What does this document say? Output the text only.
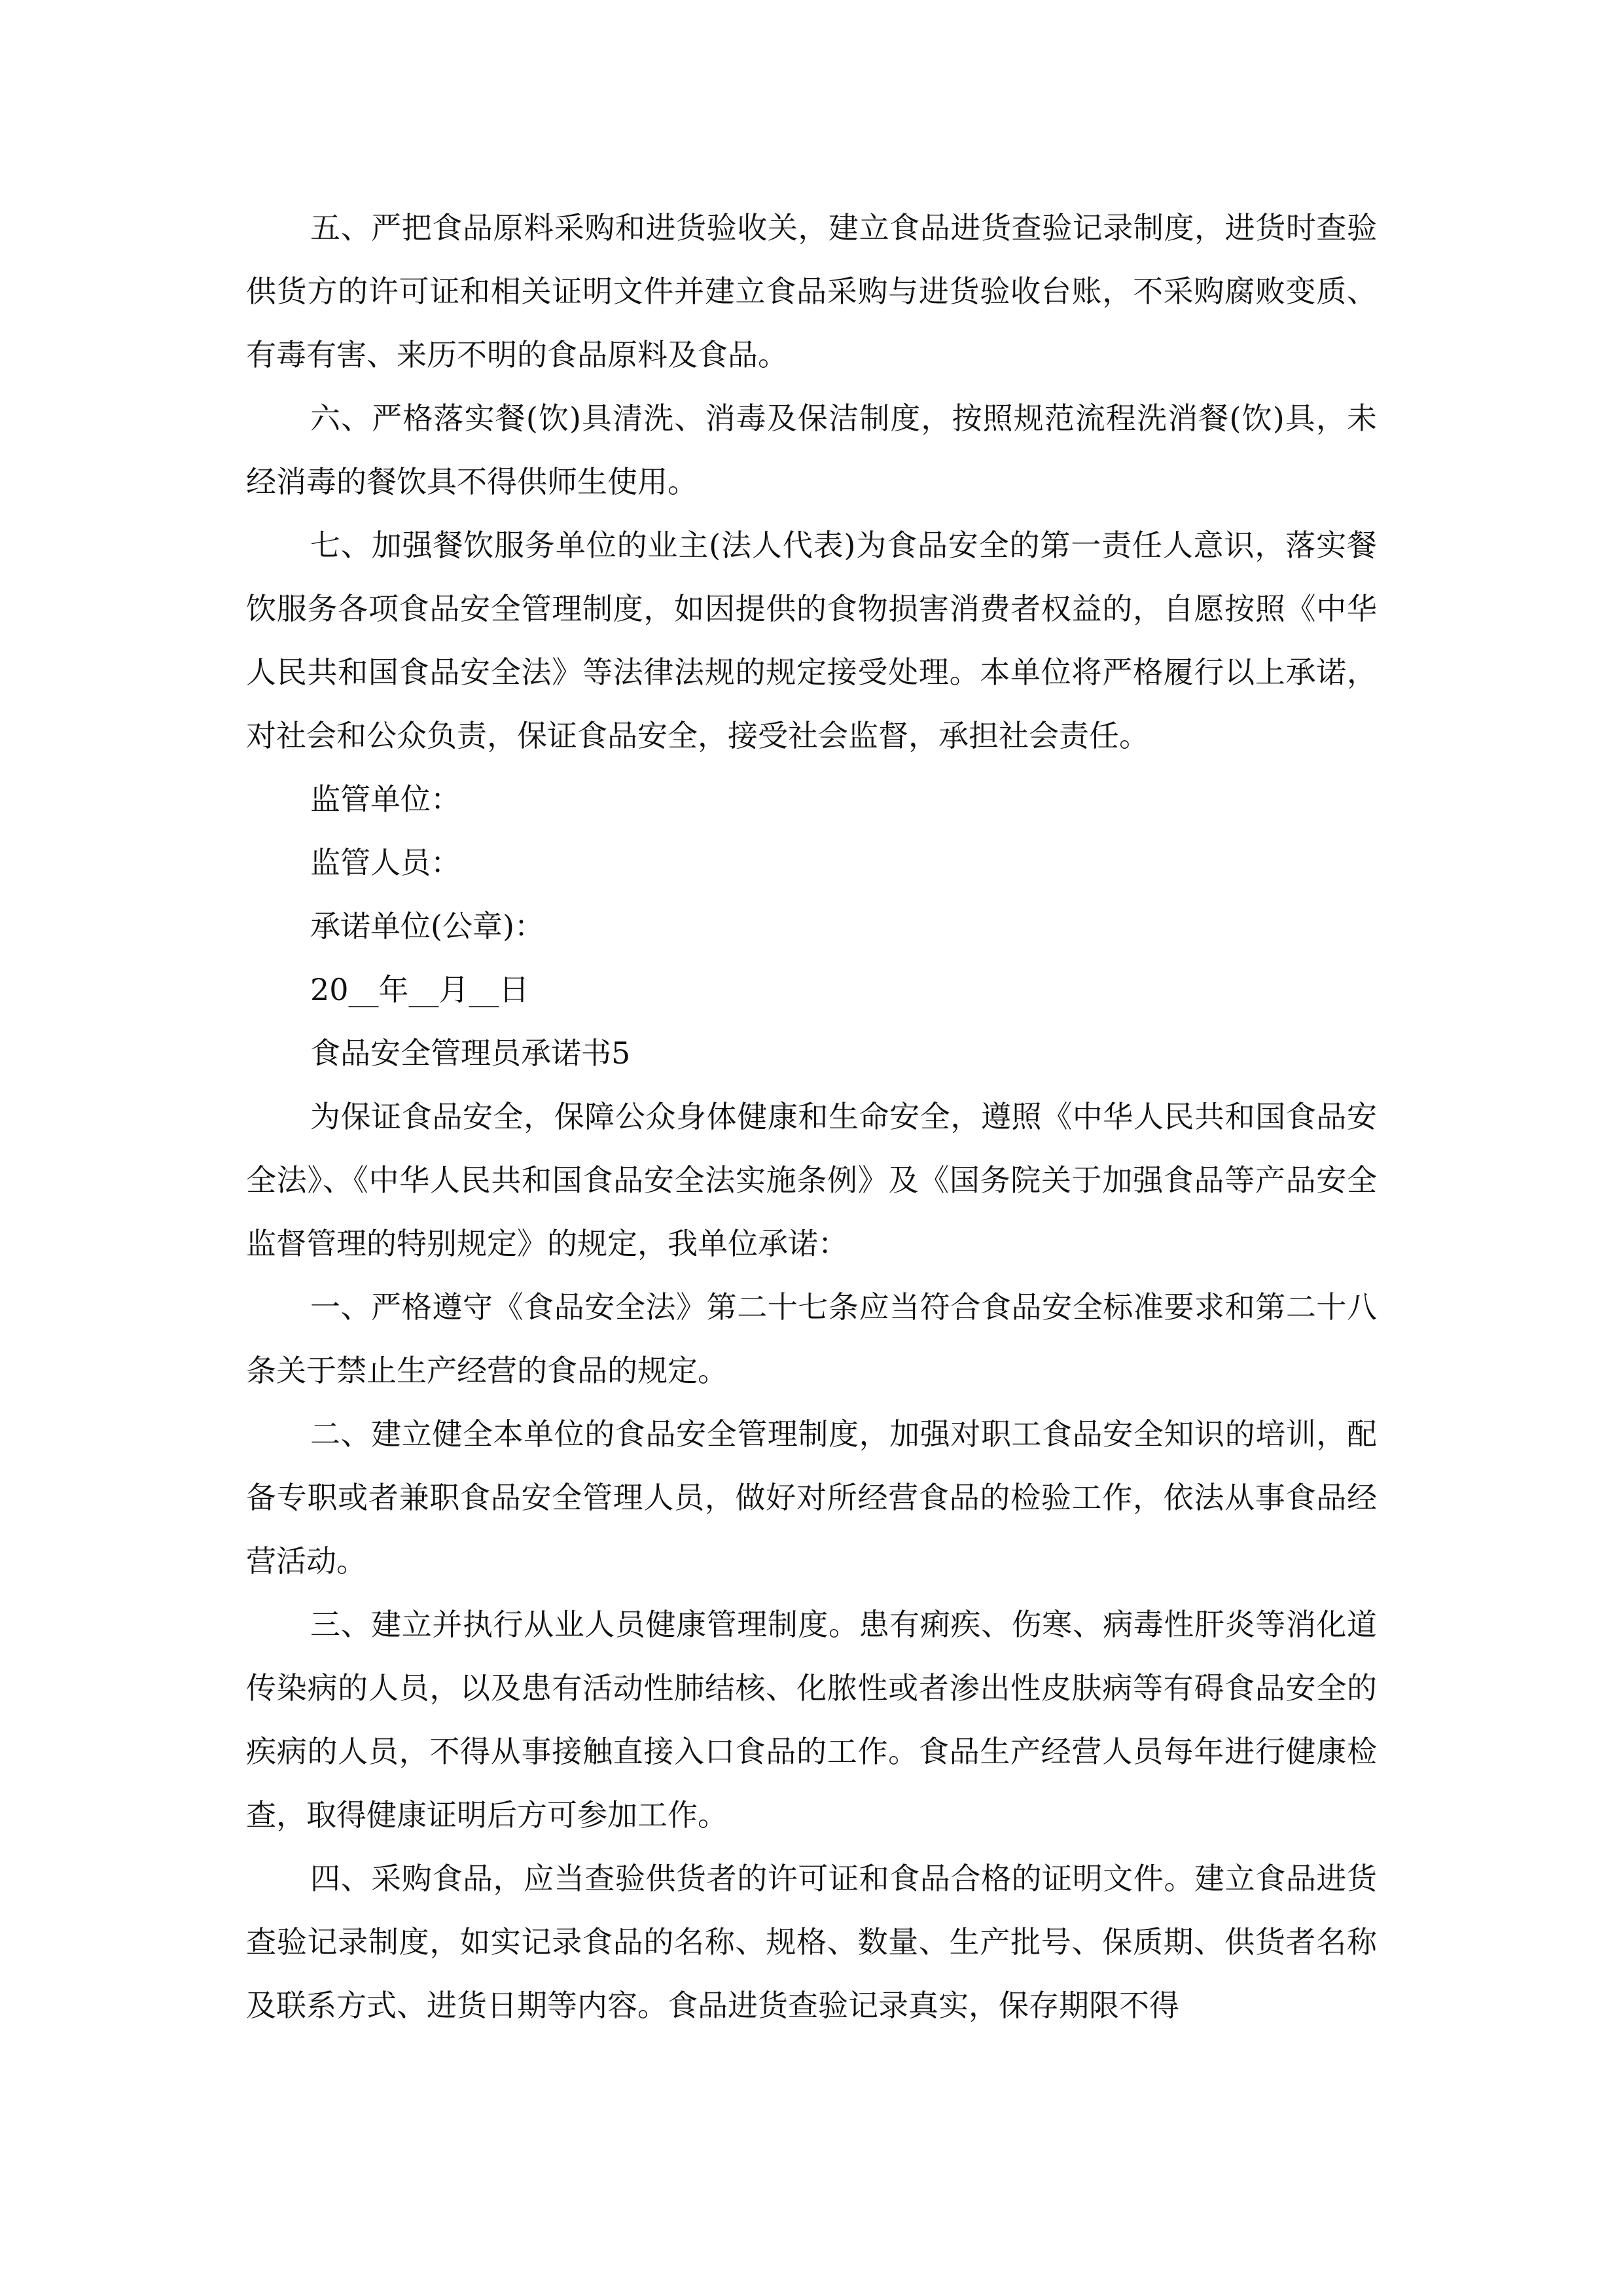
五、严把食品原料采购和进货验收关，建立食品进货查验记录制度，进货时查验供货方的许可证和相关证明文件并建立食品采购与进货验收台账，不采购腐败变质、有毒有害、来历不明的食品原料及食品。

六、严格落实餐(饮)具清洗、消毒及保洁制度，按照规范流程洗消餐(饮)具，未经消毒的餐饮具不得供师生使用。

七、加强餐饮服务单位的业主(法人代表)为食品安全的第一责任人意识，落实餐饮服务各项食品安全管理制度，如因提供的食物损害消费者权益的，自愿按照《中华人民共和国食品安全法》等法律法规的规定接受处理。本单位将严格履行以上承诺，对社会和公众负责，保证食品安全，接受社会监督，承担社会责任。

监管单位：

监管人员：

承诺单位(公章)：

20__年__月__日

食品安全管理员承诺书5

为保证食品安全，保障公众身体健康和生命安全，遵照《中华人民共和国食品安全法》、《中华人民共和国食品安全法实施条例》及《国务院关于加强食品等产品安全监督管理的特别规定》的规定，我单位承诺：

一、严格遵守《食品安全法》第二十七条应当符合食品安全标准要求和第二十八条关于禁止生产经营的食品的规定。

二、建立健全本单位的食品安全管理制度，加强对职工食品安全知识的培训，配备专职或者兼职食品安全管理人员，做好对所经营食品的检验工作，依法从事食品经营活动。

三、建立并执行从业人员健康管理制度。患有痢疾、伤寒、病毒性肝炎等消化道传染病的人员，以及患有活动性肺结核、化脓性或者渗出性皮肤病等有碍食品安全的疾病的人员，不得从事接触直接入口食品的工作。食品生产经营人员每年进行健康检查，取得健康证明后方可参加工作。

四、采购食品，应当查验供货者的许可证和食品合格的证明文件。建立食品进货查验记录制度，如实记录食品的名称、规格、数量、生产批号、保质期、供货者名称及联系方式、进货日期等内容。食品进货查验记录真实，保存期限不得
